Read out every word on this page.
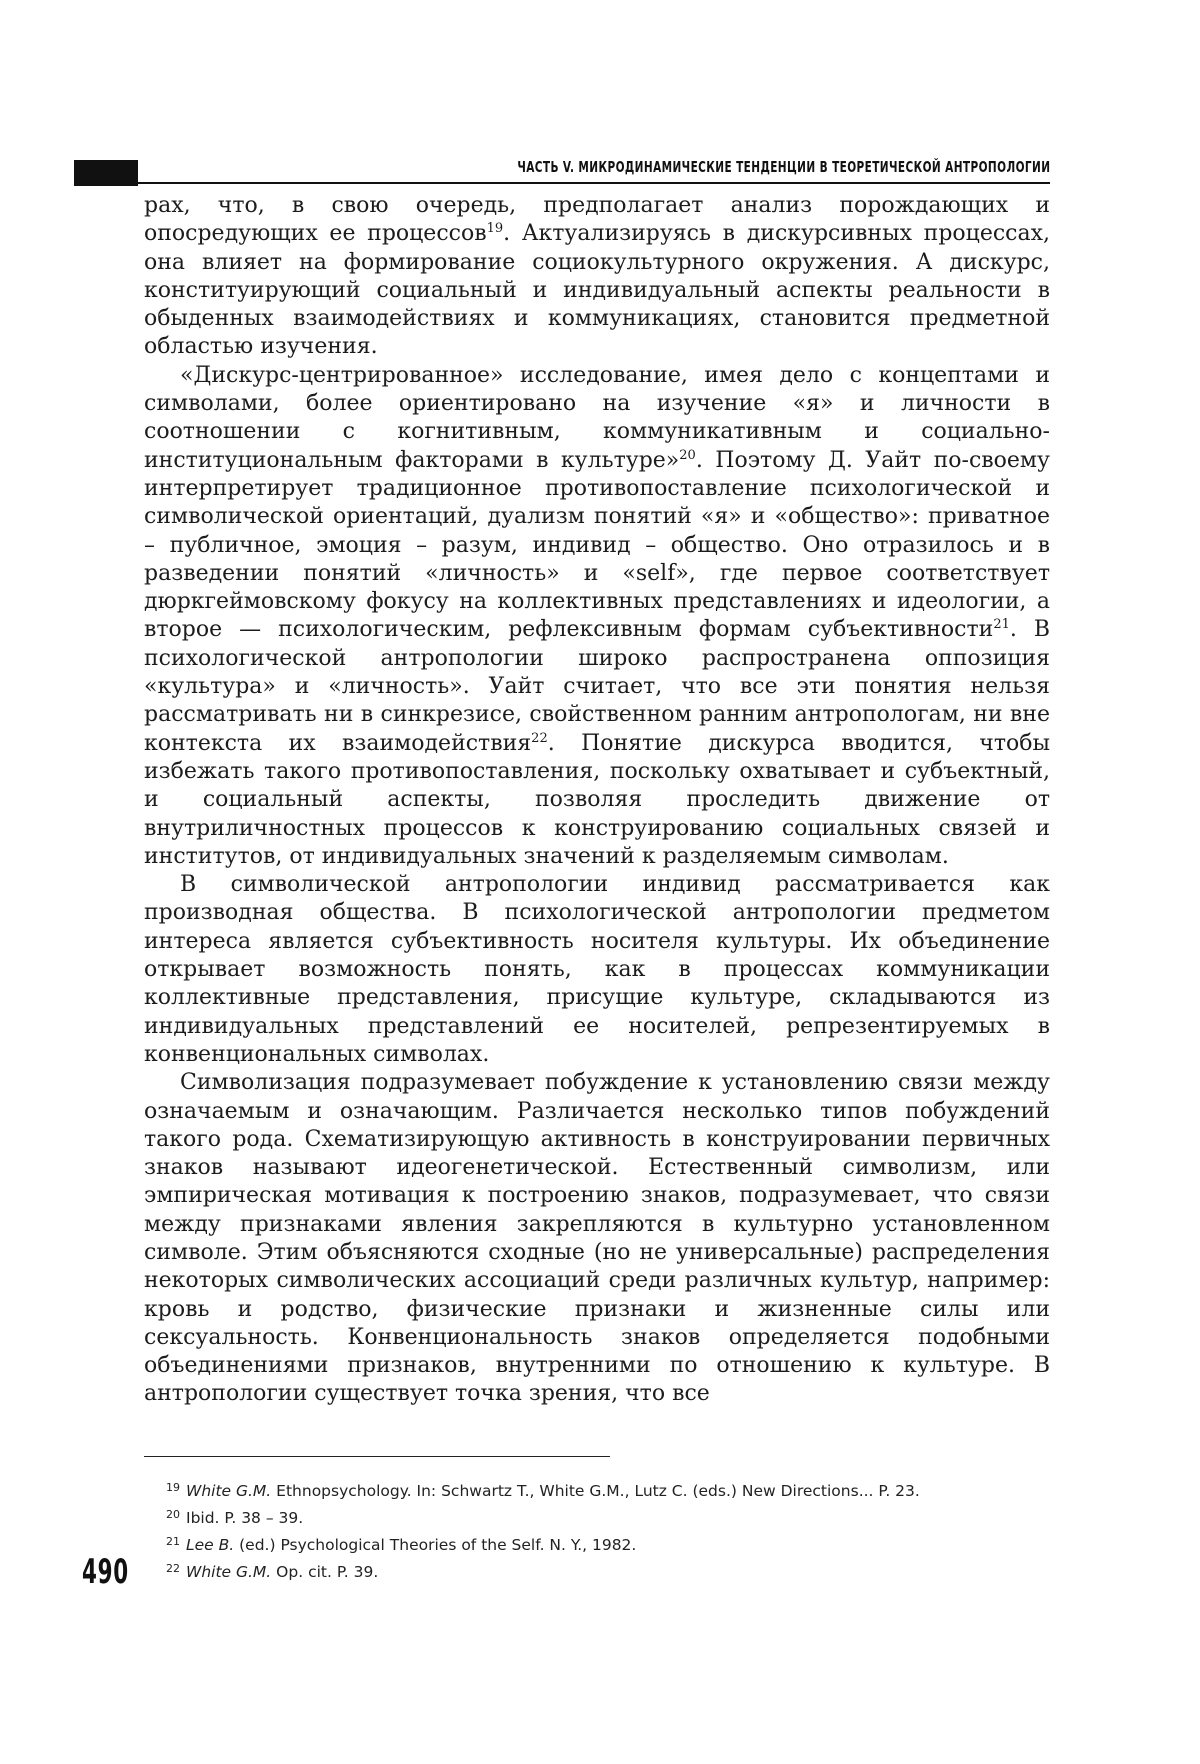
ЧАСТЬ V. МИКРОДИНАМИЧЕСКИЕ ТЕНДЕНЦИИ В ТЕОРЕТИЧЕСКОЙ АНТРОПОЛОГИИ

рах, что, в свою очередь, предполагает анализ порождающих и опосредующих ее процессов19. Актуализируясь в дискурсивных процессах, она влияет на формирование социокультурного окружения. А дискурс, конституирующий социальный и индивидуальный аспекты реальности в обыденных взаимодействиях и коммуникациях, становится предметной областью изучения.

«Дискурс-центрированное» исследование, имея дело с концептами и символами, более ориентировано на изучение «я» и личности в соотношении с когнитивным, коммуникативным и социально-институциональным факторами в культуре»20. Поэтому Д. Уайт по-своему интерпретирует традиционное противопоставление психологической и символической ориентаций, дуализм понятий «я» и «общество»: приватное – публичное, эмоция – разум, индивид – общество. Оно отразилось и в разведении понятий «личность» и «self», где первое соответствует дюркгеймовскому фокусу на коллективных представлениях и идеологии, а второе — психологическим, рефлексивным формам субъективности21. В психологической антропологии широко распространена оппозиция «культура» и «личность». Уайт считает, что все эти понятия нельзя рассматривать ни в синкрезисе, свойственном ранним антропологам, ни вне контекста их взаимодействия22. Понятие дискурса вводится, чтобы избежать такого противопоставления, поскольку охватывает и субъектный, и социальный аспекты, позволяя проследить движение от внутриличностных процессов к конструированию социальных связей и институтов, от индивидуальных значений к разделяемым символам.

В символической антропологии индивид рассматривается как производная общества. В психологической антропологии предметом интереса является субъективность носителя культуры. Их объединение открывает возможность понять, как в процессах коммуникации коллективные представления, присущие культуре, складываются из индивидуальных представлений ее носителей, репрезентируемых в конвенциональных символах.

Символизация подразумевает побуждение к установлению связи между означаемым и означающим. Различается несколько типов побуждений такого рода. Схематизирующую активность в конструировании первичных знаков называют идеогенетической. Естественный символизм, или эмпирическая мотивация к построению знаков, подразумевает, что связи между признаками явления закрепляются в культурно установленном символе. Этим объясняются сходные (но не универсальные) распределения некоторых символических ассоциаций среди различных культур, например: кровь и родство, физические признаки и жизненные силы или сексуальность. Конвенциональность знаков определяется подобными объединениями признаков, внутренними по отношению к культуре. В антропологии существует точка зрения, что все

19 White G.M. Ethnopsychology. In: Schwartz T., White G.M., Lutz C. (eds.) New Directions... P. 23.

20 Ibid. P. 38 – 39.

21 Lee B. (ed.) Psychological Theories of the Self. N. Y., 1982.

22 White G.M. Op. cit. P. 39.

490
